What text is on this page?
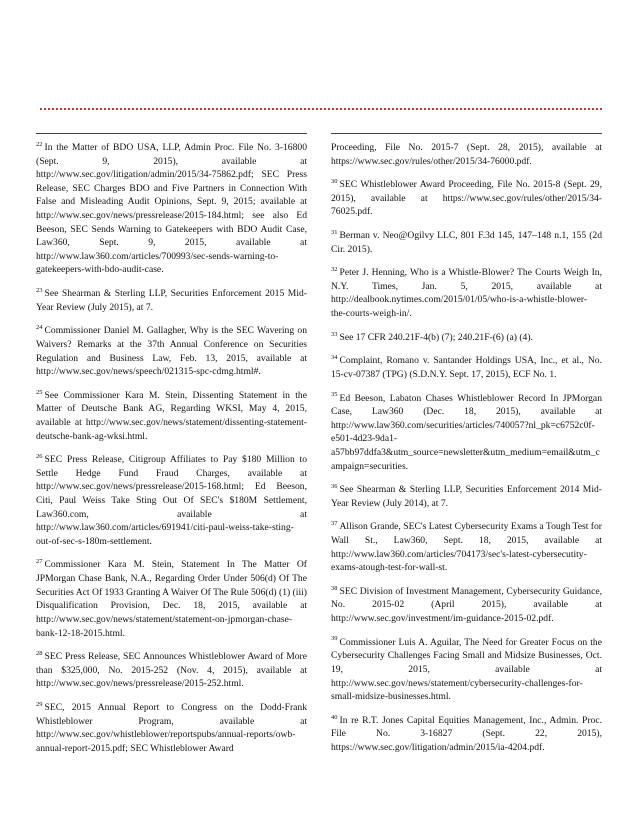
$^{22}$ In the Matter of BDO USA, LLP, Admin Proc. File No. 3-16800 (Sept. 9, 2015), available at http://www.sec.gov/litigation/admin/2015/34-75862.pdf; SEC Press Release, SEC Charges BDO and Five Partners in Connection With False and Misleading Audit Opinions, Sept. 9, 2015; available at http://www.sec.gov/news/pressrelease/2015-184.html; see also Ed Beeson, SEC Sends Warning to Gatekeepers with BDO Audit Case, Law360, Sept. 9, 2015, available at http://www.law360.com/articles/700993/sec-sends-warning-to-gatekeepers-with-bdo-audit-case.
$^{23}$ See Shearman & Sterling LLP, Securities Enforcement 2015 Mid-Year Review (July 2015), at 7.
$^{24}$ Commissioner Daniel M. Gallagher, Why is the SEC Wavering on Waivers? Remarks at the 37th Annual Conference on Securities Regulation and Business Law, Feb. 13, 2015, available at http://www.sec.gov/news/speech/021315-spc-cdmg.html#.
$^{25}$ See Commissioner Kara M. Stein, Dissenting Statement in the Matter of Deutsche Bank AG, Regarding WKSI, May 4, 2015, available at http://www.sec.gov/news/statement/dissenting-statement-deutsche-bank-ag-wksi.html.
$^{26}$ SEC Press Release, Citigroup Affiliates to Pay $180 Million to Settle Hedge Fund Fraud Charges, available at http://www.sec.gov/news/pressrelease/2015-168.html; Ed Beeson, Citi, Paul Weiss Take Sting Out Of SEC's $180M Settlement, Law360.com, available at http://www.law360.com/articles/691941/citi-paul-weiss-take-sting-out-of-sec-s-180m-settlement.
$^{27}$ Commissioner Kara M. Stein, Statement In The Matter Of JPMorgan Chase Bank, N.A., Regarding Order Under 506(d) Of The Securities Act Of 1933 Granting A Waiver Of The Rule 506(d) (1) (iii) Disqualification Provision, Dec. 18, 2015, available at http://www.sec.gov/news/statement/statement-on-jpmorgan-chase-bank-12-18-2015.html.
$^{28}$ SEC Press Release, SEC Announces Whistleblower Award of More than $325,000, No. 2015-252 (Nov. 4, 2015), available at http://www.sec.gov/news/pressrelease/2015-252.html.
$^{29}$ SEC, 2015 Annual Report to Congress on the Dodd-Frank Whistleblower Program, available at http://www.sec.gov/whistleblower/reportspubs/annual-reports/owb-annual-report-2015.pdf; SEC Whistleblower Award
Proceeding, File No. 2015-7 (Sept. 28, 2015), available at https://www.sec.gov/rules/other/2015/34-76000.pdf.
$^{30}$ SEC Whistleblower Award Proceeding, File No. 2015-8 (Sept. 29, 2015), available at https://www.sec.gov/rules/other/2015/34-76025.pdf.
$^{31}$ Berman v. Neo@Ogilvy LLC, 801 F.3d 145, 147–148 n.1, 155 (2d Cir. 2015).
$^{32}$ Peter J. Henning, Who is a Whistle-Blower? The Courts Weigh In, N.Y. Times, Jan. 5, 2015, available at http://dealbook.nytimes.com/2015/01/05/who-is-a-whistle-blower-the-courts-weigh-in/.
$^{33}$ See 17 CFR 240.21F-4(b) (7); 240.21F-(6) (a) (4).
$^{34}$ Complaint, Romano v. Santander Holdings USA, Inc., et al., No. 15-cv-07387 (TPG) (S.D.N.Y. Sept. 17, 2015), ECF No. 1.
$^{35}$ Ed Beeson, Labaton Chases Whistleblower Record In JPMorgan Case, Law360 (Dec. 18, 2015), available at http://www.law360.com/securities/articles/740057?nl_pk=c6752c0f-e501-4d23-9da1-a57bb97ddfa3&utm_source=newsletter&utm_medium=email&utm_campaign=securities.
$^{36}$ See Shearman & Sterling LLP, Securities Enforcement 2014 Mid-Year Review (July 2014), at 7.
$^{37}$ Allison Grande, SEC's Latest Cybersecurity Exams a Tough Test for Wall St., Law360, Sept. 18, 2015, available at http://www.law360.com/articles/704173/sec's-latest-cybersecutity-exams-atough-test-for-wall-st.
$^{38}$ SEC Division of Investment Management, Cybersecurity Guidance, No. 2015-02 (April 2015), available at http://www.sec.gov/investment/im-guidance-2015-02.pdf.
$^{39}$ Commissioner Luis A. Aguilar, The Need for Greater Focus on the Cybersecurity Challenges Facing Small and Midsize Businesses, Oct. 19, 2015, available at http://www.sec.gov/news/statement/cybersecurity-challenges-for-small-midsize-businesses.html.
$^{40}$ In re R.T. Jones Capital Equities Management, Inc., Admin. Proc. File No. 3-16827 (Sept. 22, 2015), https://www.sec.gov/litigation/admin/2015/ia-4204.pdf.
